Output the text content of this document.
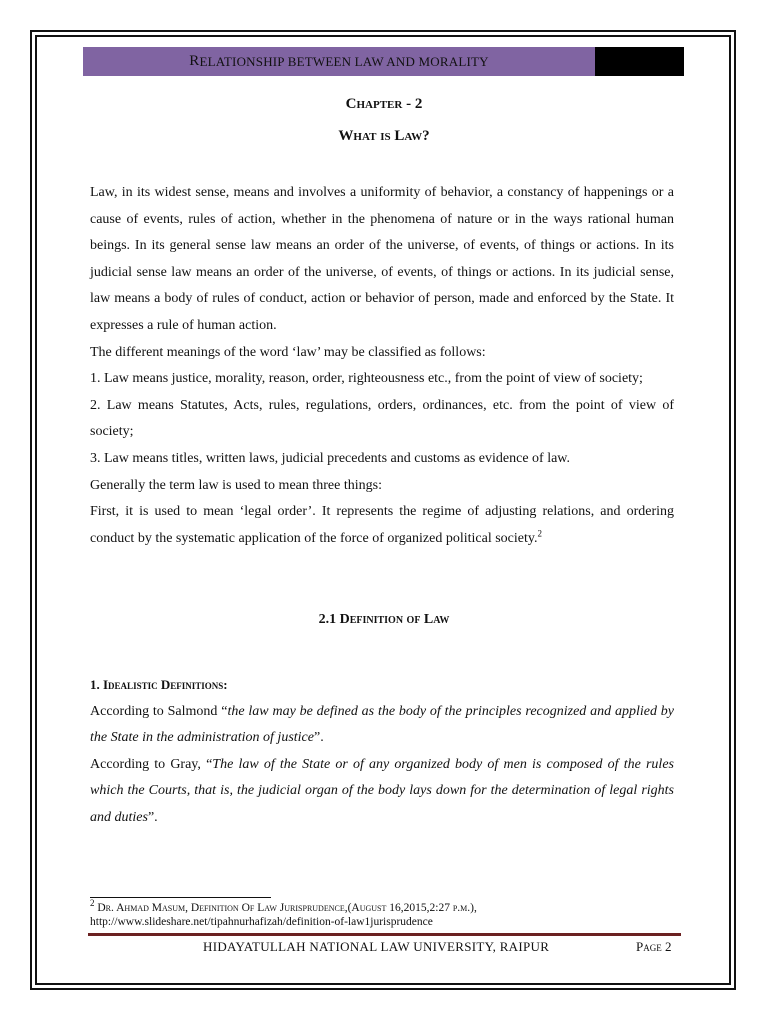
R ELATIONSHIP BETWEEN LAW AND MORALITY
Chapter - 2
What is Law?

Law, in its widest sense, means and involves a uniformity of behavior, a constancy of happenings or a cause of events, rules of action, whether in the phenomena of nature or in the ways rational human beings. In its general sense law means an order of the universe, of events, of things or actions. In its judicial sense law means an order of the universe, of events, of things or actions. In its judicial sense, law means a body of rules of conduct, action or behavior of person, made and enforced by the State. It expresses a rule of human action.

The different meanings of the word ‘law’ may be classified as follows:

1. Law means justice, morality, reason, order, righteousness etc., from the point of view of society;

2. Law means Statutes, Acts, rules, regulations, orders, ordinances, etc. from the point of view of society;

3. Law means titles, written laws, judicial precedents and customs as evidence of law.

Generally the term law is used to mean three things:

First, it is used to mean ‘legal order’. It represents the regime of adjusting relations, and ordering conduct by the systematic application of the force of organized political society.$^2$

2.1 Definition of Law

1. Idealistic Definitions:

According to Salmond “the law may be defined as the body of the principles recognized and applied by the State in the administration of justice”.

According to Gray, “The law of the State or of any organized body of men is composed of the rules which the Courts, that is, the judicial organ of the body lays down for the determination of legal rights and duties”.

$^2$ Dr. Ahmad Masum, Definition Of Law Jurisprudence,(August 16,2015,2:27 p.m.),
http://www.slideshare.net/tipahnurhafizah/definition-of-law1jurisprudence
HIDAYATULLAH NATIONAL LAW UNIVERSITY, RAIPUR	Page 2
